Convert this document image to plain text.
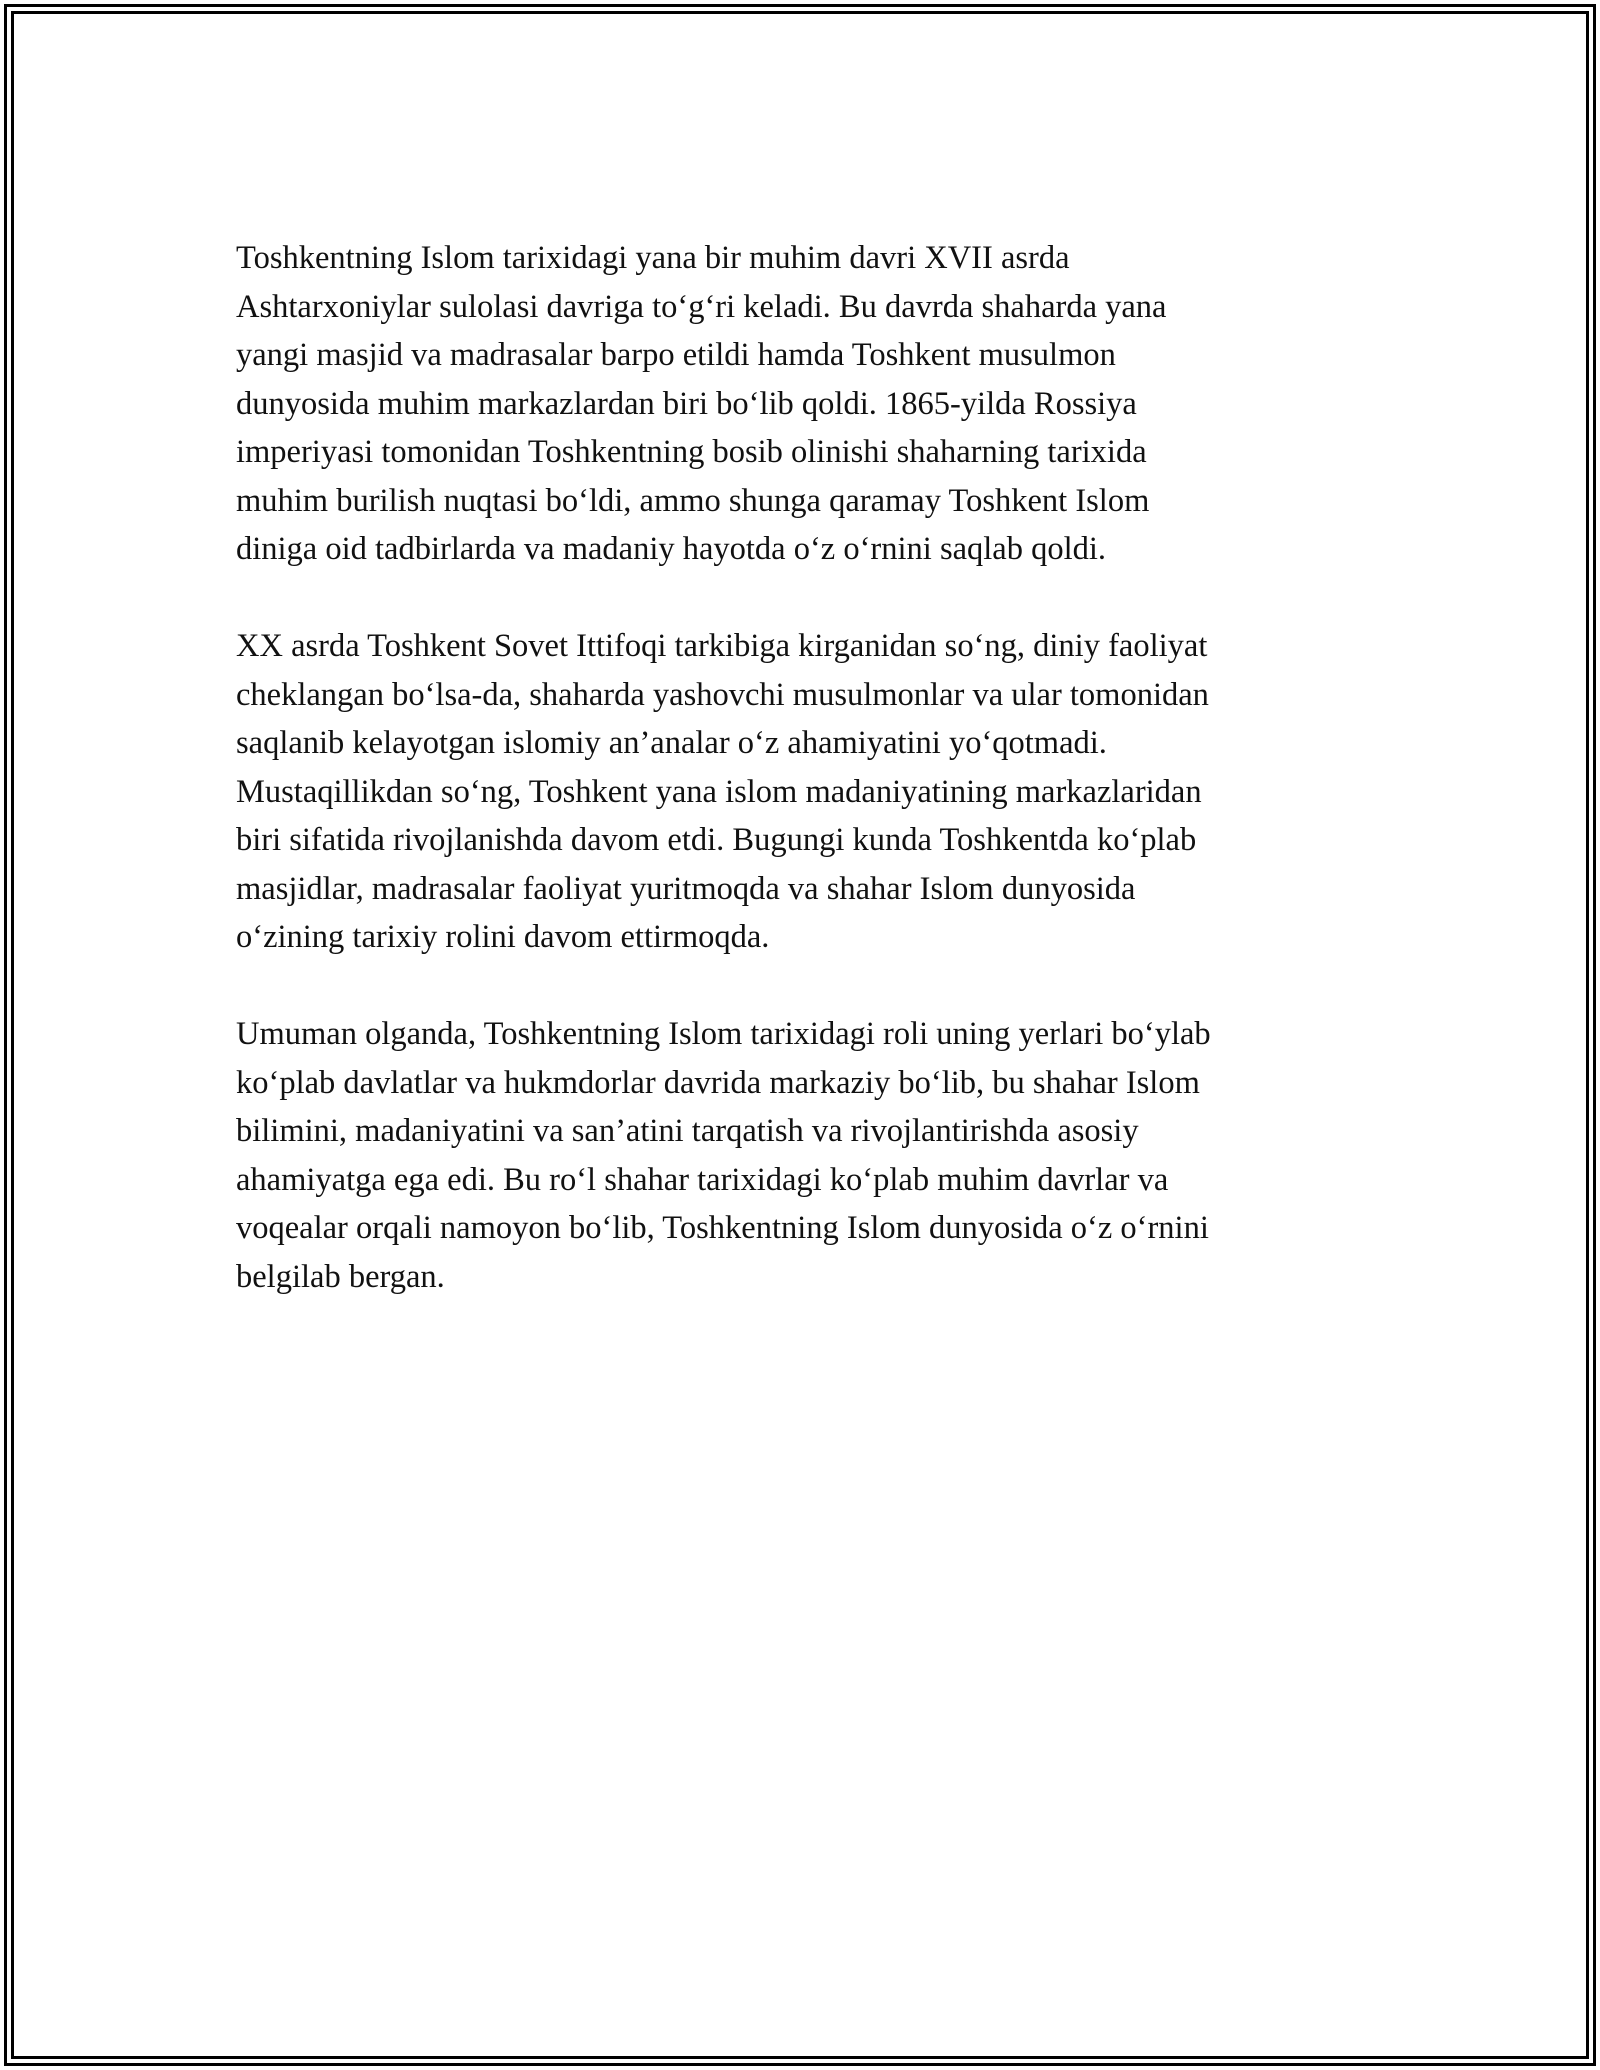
Toshkentning Islom tarixidagi yana bir muhim davri XVII asrda
Ashtarxoniylar sulolasi davriga to‘g‘ri keladi. Bu davrda shaharda yana
yangi masjid va madrasalar barpo etildi hamda Toshkent musulmon
dunyosida muhim markazlardan biri bo‘lib qoldi. 1865-yilda Rossiya
imperiyasi tomonidan Toshkentning bosib olinishi shaharning tarixida
muhim burilish nuqtasi bo‘ldi, ammo shunga qaramay Toshkent Islom
diniga oid tadbirlarda va madaniy hayotda o‘z o‘rnini saqlab qoldi.

XX asrda Toshkent Sovet Ittifoqi tarkibiga kirganidan so‘ng, diniy faoliyat
cheklangan bo‘lsa-da, shaharda yashovchi musulmonlar va ular tomonidan
saqlanib kelayotgan islomiy an’analar o‘z ahamiyatini yo‘qotmadi.
Mustaqillikdan so‘ng, Toshkent yana islom madaniyatining markazlaridan
biri sifatida rivojlanishda davom etdi. Bugungi kunda Toshkentda ko‘plab
masjidlar, madrasalar faoliyat yuritmoqda va shahar Islom dunyosida
o‘zining tarixiy rolini davom ettirmoqda.

Umuman olganda, Toshkentning Islom tarixidagi roli uning yerlari bo‘ylab
ko‘plab davlatlar va hukmdorlar davrida markaziy bo‘lib, bu shahar Islom
bilimini, madaniyatini va san’atini tarqatish va rivojlantirishda asosiy
ahamiyatga ega edi. Bu ro‘l shahar tarixidagi ko‘plab muhim davrlar va
voqealar orqali namoyon bo‘lib, Toshkentning Islom dunyosida o‘z o‘rnini
belgilab bergan.
